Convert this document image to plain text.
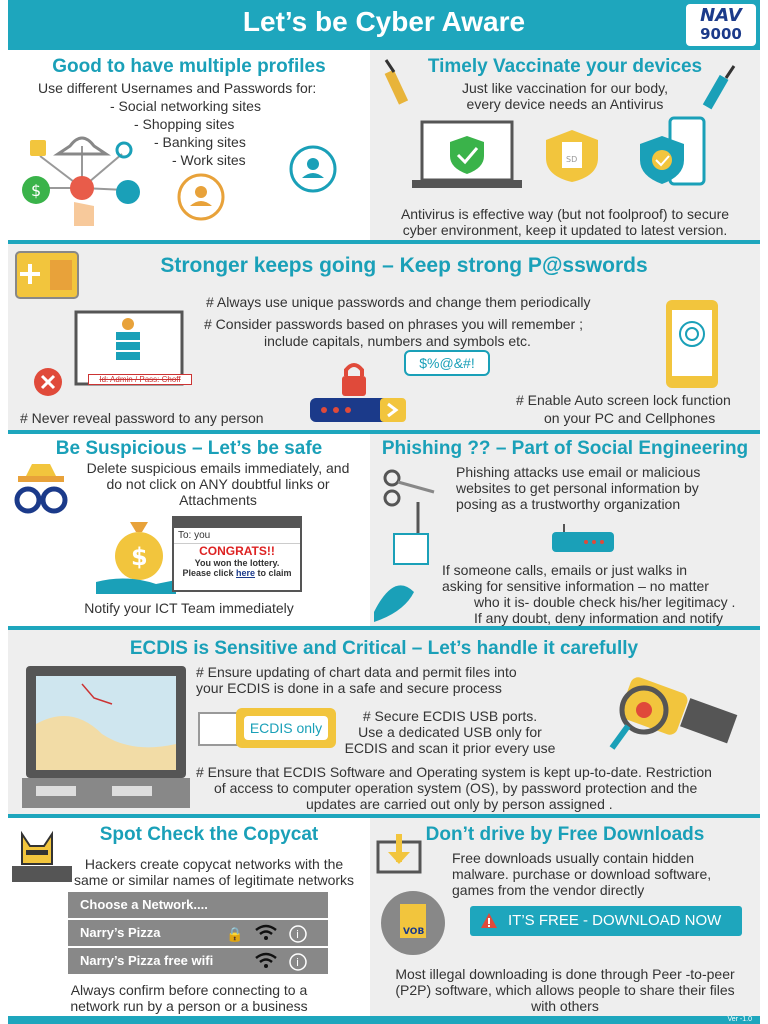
Let’s be Cyber Aware	NAV
9000
Good to have multiple profiles
Use different Usernames and Passwords for:
- Social networking sites
- Shopping sites
- Banking sites
- Work sites
$
Timely Vaccinate your devices
Just like vaccination for our body,
every device needs an Antivirus
SD
Antivirus is effective way (but not foolproof) to secure
cyber environment, keep it updated to latest version.
Stronger keeps going – Keep strong P@sswords
# Always use unique passwords and change them periodically
# Consider passwords based on phrases you will remember ;
include capitals, numbers and symbols etc.
Id: Admin / Pass: Choff
# Never reveal password to any person
$%@&#!
# Enable Auto screen lock function
on your PC and Cellphones
Be Suspicious – Let’s be safe
Delete suspicious emails immediately, and
do not click on ANY doubtful links or
Attachments
$
To: you
CONGRATS!!
You won the lottery.
Please click here to claim
Notify your ICT Team immediately
Phishing ?? – Part of Social Engineering
Phishing attacks use email or malicious
websites to get personal information by
posing as a trustworthy organization
If someone calls, emails or just walks in
asking for sensitive information – no matter
who it is- double check his/her legitimacy .
If any doubt, deny information and notify
ECDIS is Sensitive and Critical – Let’s handle it carefully
# Ensure updating of chart data and permit files into
your ECDIS is done in a safe and secure process
ECDIS only
# Secure ECDIS USB ports.
Use a dedicated USB only for
ECDIS and scan it prior every use
# Ensure that ECDIS Software and Operating system is kept up-to-date. Restriction
of access to computer operation system (OS), by password protection and the
updates are carried out only by person assigned .
Spot Check the Copycat
Hackers create copycat networks with the
same or similar names of legitimate networks
Choose a Network....
Narry’s Pizza	🔒	i
Narry’s Pizza free wifi	i
Always confirm before connecting to a
network run by a person or a business
Don’t drive by Free Downloads
Free downloads usually contain hidden
malware. purchase or download software,
games from the vendor directly
VOB
IT’S FREE - DOWNLOAD NOW
Most illegal downloading is done through Peer -to-peer
(P2P) software, which allows people to share their files
with others
Ver -1.0
